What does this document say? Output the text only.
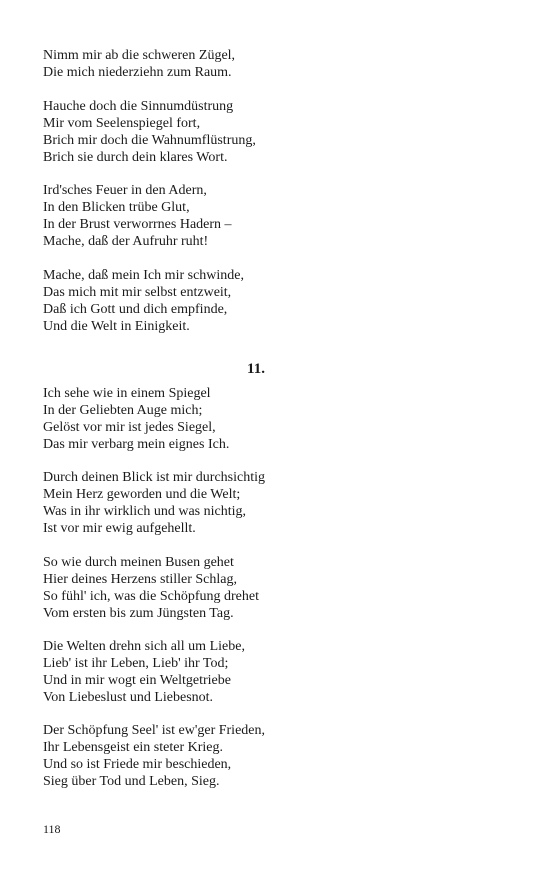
Nimm mir ab die schweren Zügel,
Die mich niederziehn zum Raum.
Hauche doch die Sinnumdüstrung
Mir vom Seelenspiegel fort,
Brich mir doch die Wahnumflüstrung,
Brich sie durch dein klares Wort.
Ird'sches Feuer in den Adern,
In den Blicken trübe Glut,
In der Brust verworrnes Hadern –
Mache, daß der Aufruhr ruht!
Mache, daß mein Ich mir schwinde,
Das mich mit mir selbst entzweit,
Daß ich Gott und dich empfinde,
Und die Welt in Einigkeit.
11.
Ich sehe wie in einem Spiegel
In der Geliebten Auge mich;
Gelöst vor mir ist jedes Siegel,
Das mir verbarg mein eignes Ich.
Durch deinen Blick ist mir durchsichtig
Mein Herz geworden und die Welt;
Was in ihr wirklich und was nichtig,
Ist vor mir ewig aufgehellt.
So wie durch meinen Busen gehet
Hier deines Herzens stiller Schlag,
So fühl' ich, was die Schöpfung drehet
Vom ersten bis zum Jüngsten Tag.
Die Welten drehn sich all um Liebe,
Lieb' ist ihr Leben, Lieb' ihr Tod;
Und in mir wogt ein Weltgetriebe
Von Liebeslust und Liebesnot.
Der Schöpfung Seel' ist ew'ger Frieden,
Ihr Lebensgeist ein steter Krieg.
Und so ist Friede mir beschieden,
Sieg über Tod und Leben, Sieg.
118
